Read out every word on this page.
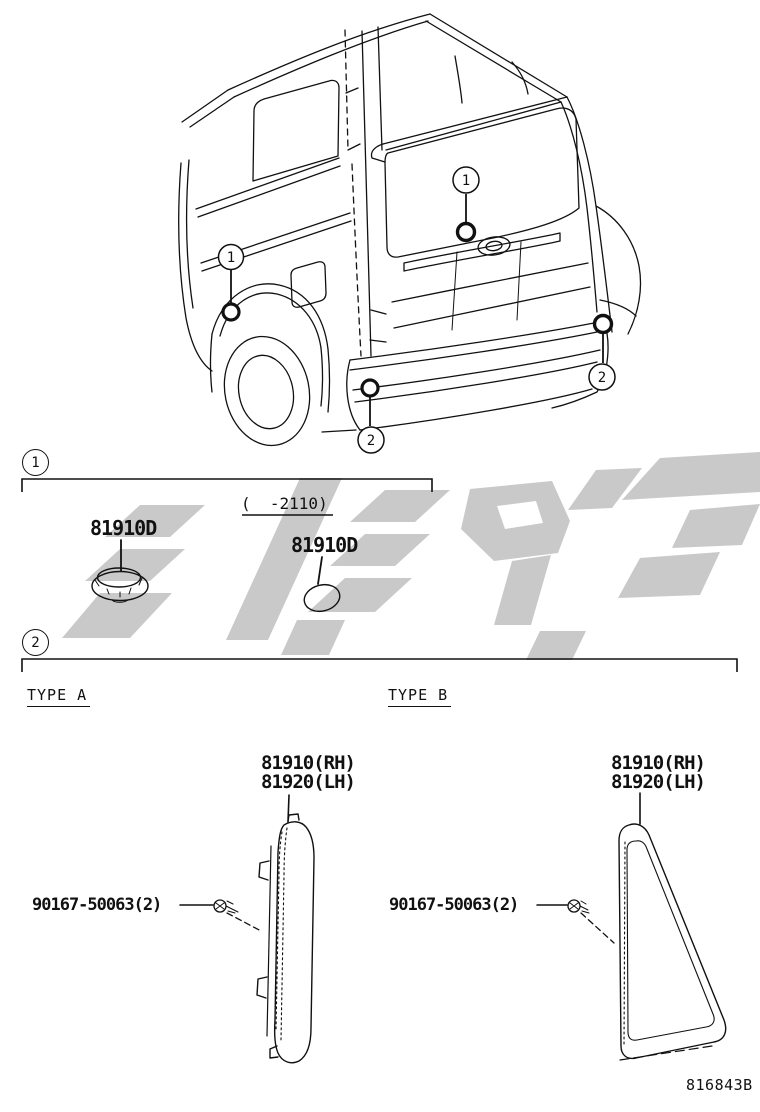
1
1
2
2
1
2
(  -2110)
81910D
81910D
TYPE A	TYPE B
81910(RH)
81920(LH)
81910(RH)
81920(LH)
90167-50063(2)	90167-50063(2)
816843B
